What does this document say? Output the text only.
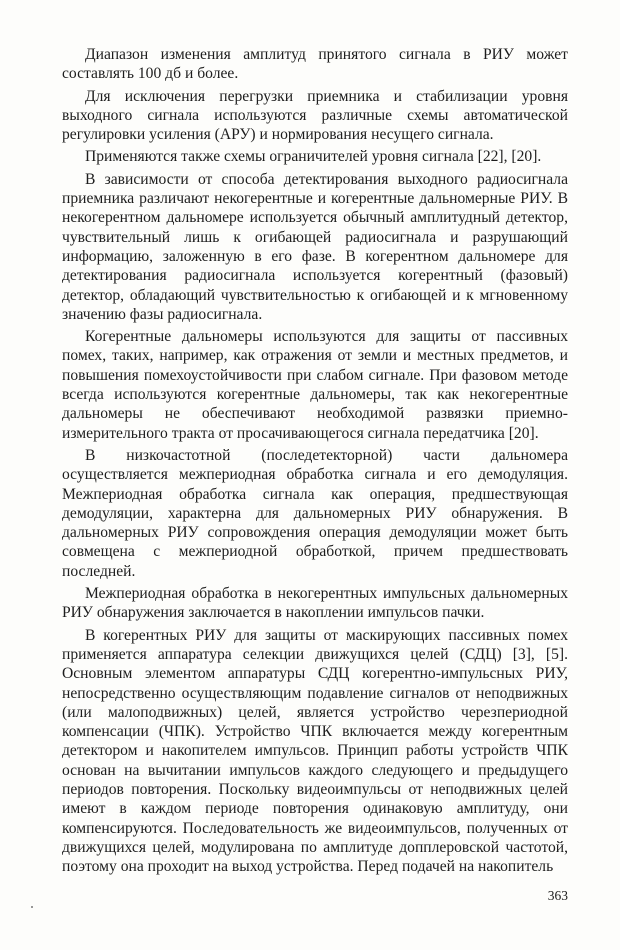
Диапазон изменения амплитуд принятого сигнала в РИУ может составлять 100 дб и более.

Для исключения перегрузки приемника и стабилизации уровня выходного сигнала используются различные схемы автоматической регулировки усиления (АРУ) и нормирования несущего сигнала.

Применяются также схемы ограничителей уровня сигнала [22], [20].

В зависимости от способа детектирования выходного радиосигнала приемника различают некогерентные и когерентные дальномерные РИУ. В некогерентном дальномере используется обычный амплитудный детектор, чувствительный лишь к огибающей радиосигнала и разрушающий информацию, заложенную в его фазе. В когерентном дальномере для детектирования радиосигнала используется когерентный (фазовый) детектор, обладающий чувствительностью к огибающей и к мгновенному значению фазы радиосигнала.

Когерентные дальномеры используются для защиты от пассивных помех, таких, например, как отражения от земли и местных предметов, и повышения помехоустойчивости при слабом сигнале. При фазовом методе всегда используются когерентные дальномеры, так как некогерентные дальномеры не обеспечивают необходимой развязки приемно-измерительного тракта от просачивающегося сигнала передатчика [20].

В низкочастотной (последетекторной) части дальномера осуществляется межпериодная обработка сигнала и его демодуляция. Межпериодная обработка сигнала как операция, предшествующая демодуляции, характерна для дальномерных РИУ обнаружения. В дальномерных РИУ сопровождения операция демодуляции может быть совмещена с межпериодной обработкой, причем предшествовать последней.

Межпериодная обработка в некогерентных импульсных дальномерных РИУ обнаружения заключается в накоплении импульсов пачки.

В когерентных РИУ для защиты от маскирующих пассивных помех применяется аппаратура селекции движущихся целей (СДЦ) [3], [5]. Основным элементом аппаратуры СДЦ когерентно-импульсных РИУ, непосредственно осуществляющим подавление сигналов от неподвижных (или малоподвижных) целей, является устройство черезпериодной компенсации (ЧПК). Устройство ЧПК включается между когерентным детектором и накопителем импульсов. Принцип работы устройств ЧПК основан на вычитании импульсов каждого следующего и предыдущего периодов повторения. Поскольку видеоимпульсы от неподвижных целей имеют в каждом периоде повторения одинаковую амплитуду, они компенсируются. Последовательность же видеоимпульсов, полученных от движущихся целей, модулирована по амплитуде допплеровской частотой, поэтому она проходит на выход устройства. Перед подачей на накопитель

363
